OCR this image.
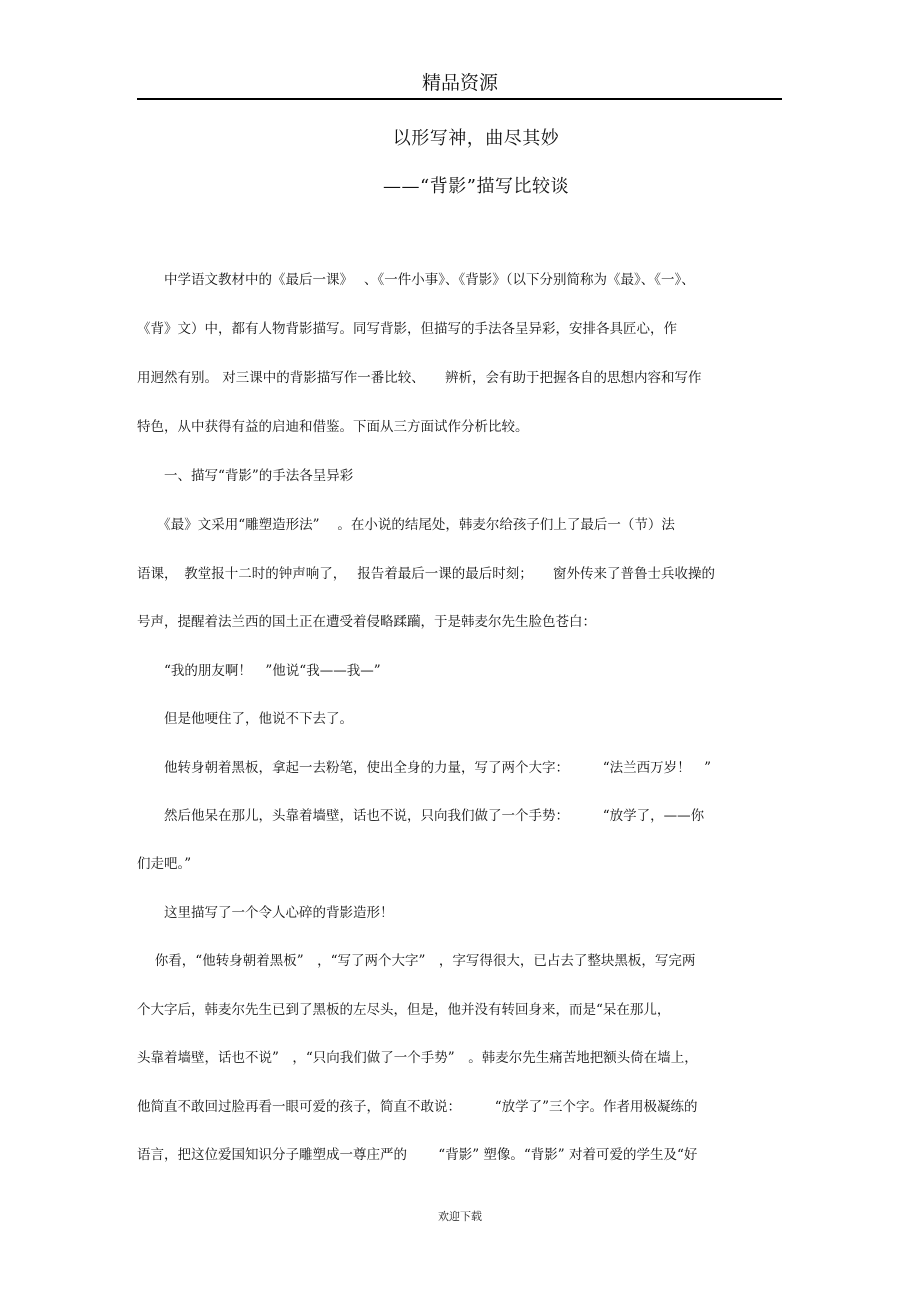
精品资源
以形写神，曲尽其妙
——“背影”描写比较谈
　　中学语文教材中的《最后一课》　 、《一件小事》、《背影》（以下分别简称为《最》、《一》、
《背》文）中，都有人物背影描写。同写背影，但描写的手法各呈异彩，安排各具匠心，作
用迥然有别。 对三课中的背影描写作一番比较、　　辨析，会有助于把握各自的思想内容和写作
特色，从中获得有益的启迪和借鉴。下面从三方面试作分析比较。
　　一、描写“背影”的手法各呈异彩
　　《最》文采用“雕塑造形法”　 。在小说的结尾处，韩麦尔给孩子们上了最后一（节）法
语课，　教堂报十二时的钟声响了，　 报告着最后一课的最后时刻；　　窗外传来了普鲁士兵收操的
号声，提醒着法兰西的国土正在遭受着侵略蹂躏，于是韩麦尔先生脸色苍白：
　　“我的朋友啊！　”他说“我——我—”
　　但是他哽住了，他说不下去了。
　　他转身朝着黑板，拿起一去粉笔，使出全身的力量，写了两个大字：　　　“法兰西万岁！　”
　　然后他呆在那儿，头靠着墙壁，话也不说，只向我们做了一个手势：　　　“放学了，——你
们走吧。”
　　这里描写了一个令人心碎的背影造形！
　 你看，“他转身朝着黑板”　，“写了两个大字”　，字写得很大，已占去了整块黑板，写完两
个大字后，韩麦尔先生已到了黑板的左尽头，但是，他并没有转回身来，而是“呆在那儿，
头靠着墙壁，话也不说”　，“只向我们做了一个手势”　。韩麦尔先生痛苦地把额头倚在墙上，
他简直不敢回过脸再看一眼可爱的孩子，简直不敢说：　　　“放学了”三个字。作者用极凝练的
语言，把这位爱国知识分子雕塑成一尊庄严的　　 “背影” 塑像。“背影” 对着可爱的学生及“好
欢迎下载
